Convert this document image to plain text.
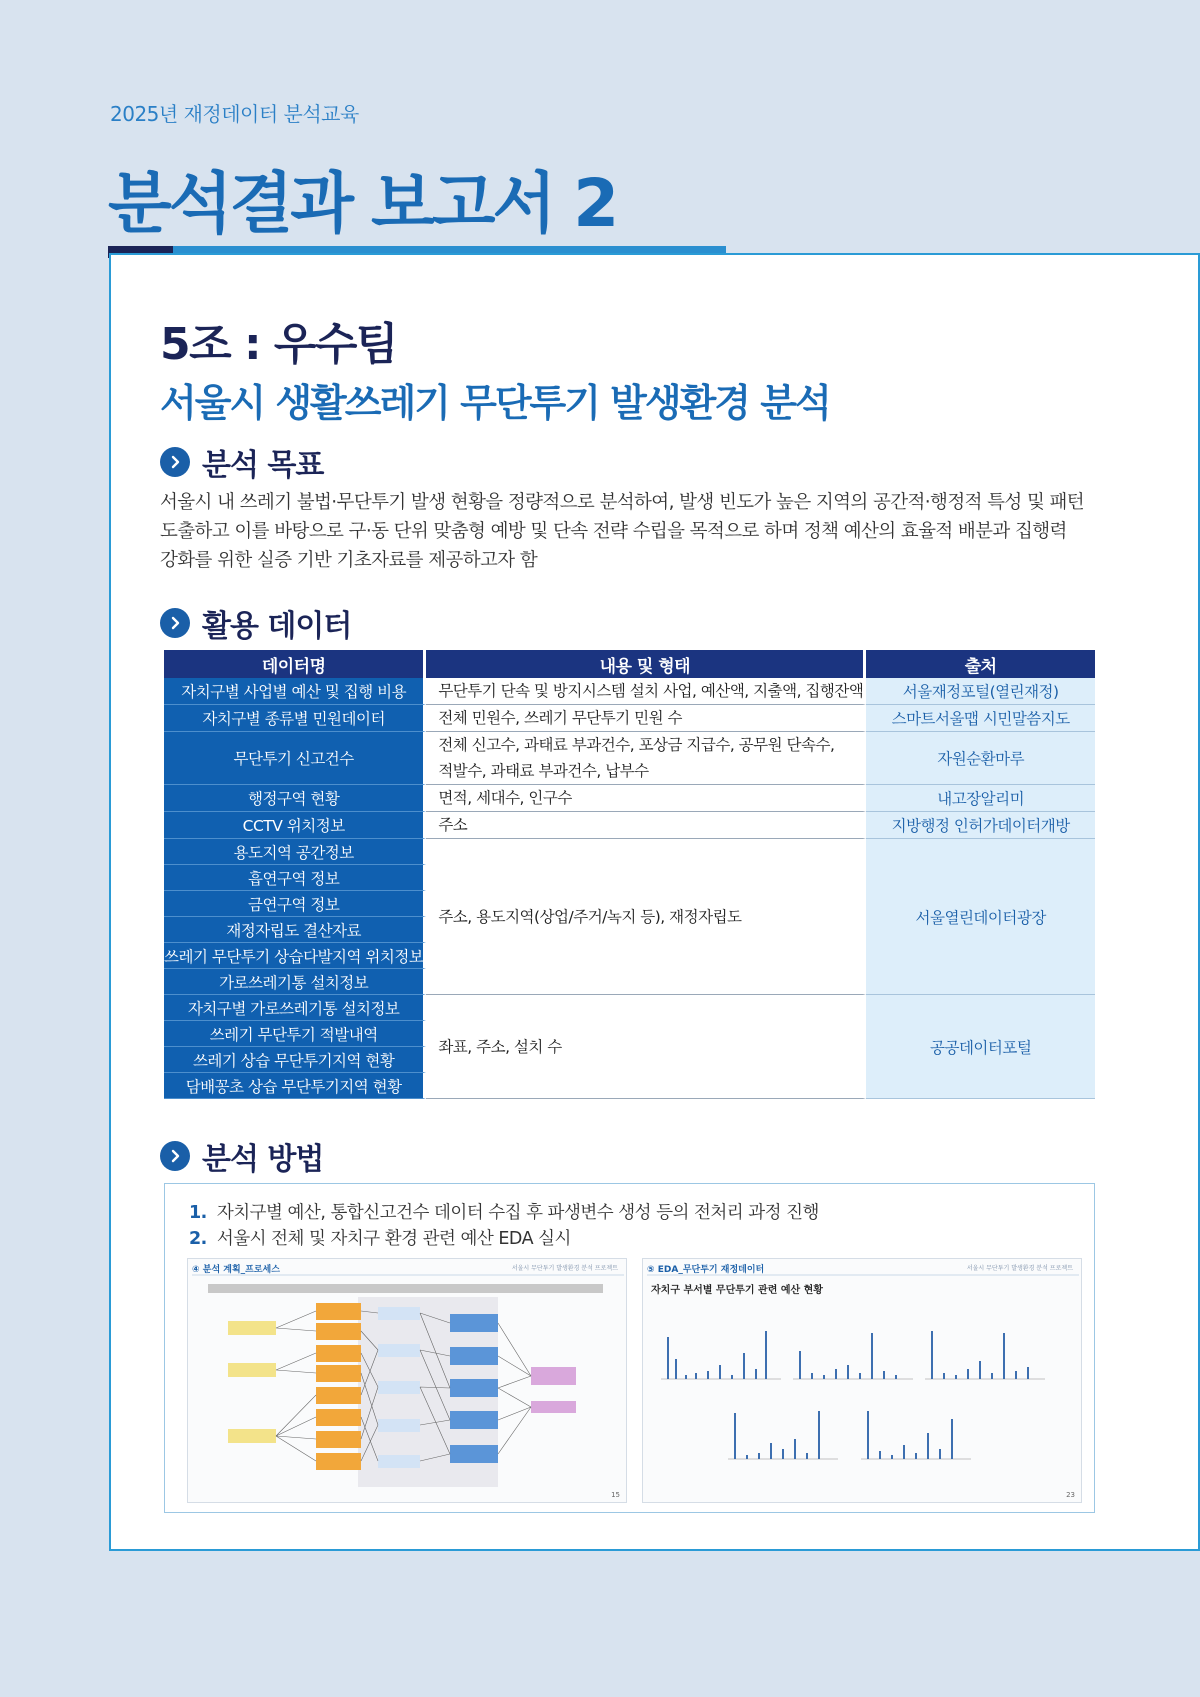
2025년 재정데이터 분석교육
분석결과 보고서 2
5조 : 우수팀
서울시 생활쓰레기 무단투기 발생환경 분석
분석 목표
서울시 내 쓰레기 불법·무단투기 발생 현황을 정량적으로 분석하여, 발생 빈도가 높은 지역의 공간적·행정적 특성 및 패턴
도출하고 이를 바탕으로 구·동 단위 맞춤형 예방 및 단속 전략 수립을 목적으로 하며 정책 예산의 효율적 배분과 집행력
강화를 위한 실증 기반 기초자료를 제공하고자 함
활용 데이터
데이터명	내용 및 형태	출처
자치구별 사업별 예산 및 집행 비용	무단투기 단속 및 방지시스템 설치 사업, 예산액, 지출액, 집행잔액	서울재정포털(열린재정)
자치구별 종류별 민원데이터	전체 민원수, 쓰레기 무단투기 민원 수	스마트서울맵 시민말씀지도
무단투기 신고건수	전체 신고수, 과태료 부과건수, 포상금 지급수, 공무원 단속수,
적발수, 과태료 부과건수, 납부수	자원순환마루
행정구역 현황	면적, 세대수, 인구수	내고장알리미
CCTV 위치정보	주소	지방행정 인허가데이터개방
용도지역 공간정보	주소, 용도지역(상업/주거/녹지 등), 재정자립도	서울열린데이터광장
흡연구역 정보		
금연구역 정보		
재정자립도 결산자료		
쓰레기 무단투기 상습다발지역 위치정보		
가로쓰레기통 설치정보		
자치구별 가로쓰레기통 설치정보	좌표, 주소, 설치 수	공공데이터포털
쓰레기 무단투기 적발내역		
쓰레기 상습 무단투기지역 현황		
담배꽁초 상습 무단투기지역 현황		
분석 방법
1. 자치구별 예산, 통합신고건수 데이터 수집 후 파생변수 생성 등의 전처리 과정 진행
2. 서울시 전체 및 자치구 환경 관련 예산 EDA 실시
④ 분석 계획_프로세스	서울시 무단투기 발생환경 분석 프로젝트
15
⑤ EDA_무단투기 재정데이터	서울시 무단투기 발생환경 분석 프로젝트
자치구 부서별 무단투기 관련 예산 현황
23
